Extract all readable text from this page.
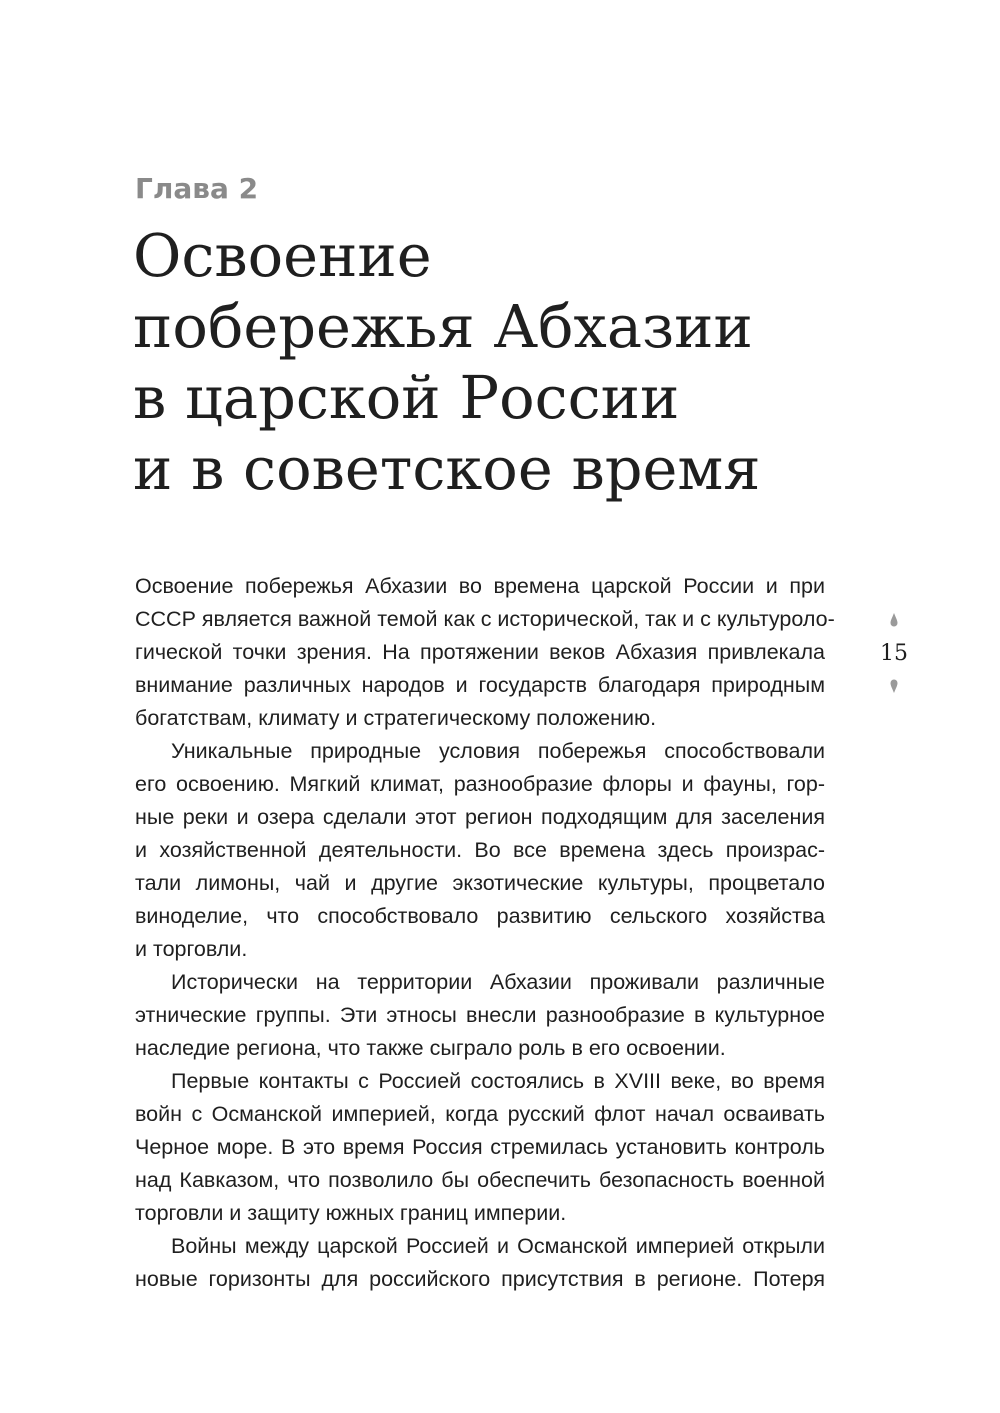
Глава 2
Освоение
побережья Абхазии
в царской России
и в советское время
Освоение побережья Абхазии во времена царской России и при
СССР является важной темой как с исторической, так и с культуроло-
гической точки зрения. На протяжении веков Абхазия привлекала
внимание различных народов и государств благодаря природным
богатствам, климату и стратегическому положению.
Уникальные природные условия побережья способствовали
его освоению. Мягкий климат, разнообразие флоры и фауны, гор-
ные реки и озера сделали этот регион подходящим для заселения
и хозяйственной деятельности. Во все времена здесь произрас-
тали лимоны, чай и другие экзотические культуры, процветало
виноделие, что способствовало развитию сельского хозяйства
и торговли.
Исторически на территории Абхазии проживали различные
этнические группы. Эти этносы внесли разнообразие в культурное
наследие региона, что также сыграло роль в его освоении.
Первые контакты с Россией состоялись в XVIII веке, во время
войн с Османской империей, когда русский флот начал осваивать
Черное море. В это время Россия стремилась установить контроль
над Кавказом, что позволило бы обеспечить безопасность военной
торговли и защиту южных границ империи.
Войны между царской Россией и Османской империей открыли
новые горизонты для российского присутствия в регионе. Потеря
15
